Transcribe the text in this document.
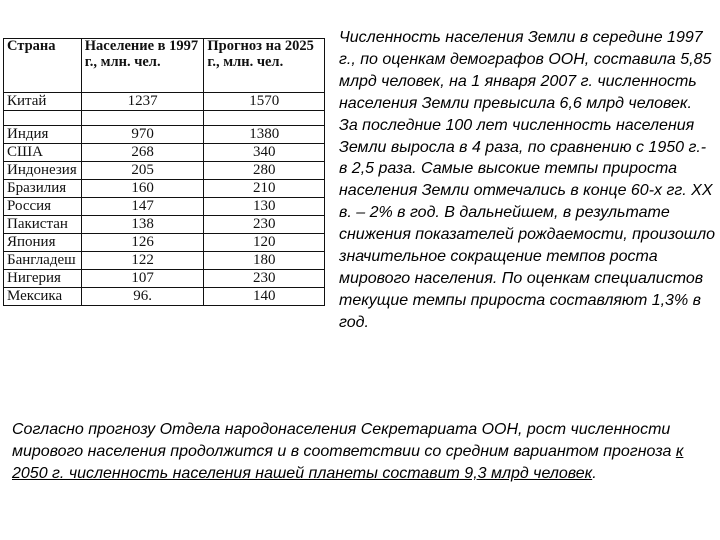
Страна	Население в 1997 г., млн. чел.	Прогноз на 2025 г., млн. чел.
Китай	1237	1570

Индия	970	1380
США	268	340
Индонезия	205	280
Бразилия	160	210
Россия	147	130
Пакистан	138	230
Япония	126	120
Бангладеш	122	180
Нигерия	107	230
Мексика	96.	140

Численность населения Земли в середине 1997 г., по оценкам демографов ООН, составила 5,85 млрд человек, на 1 января 2007 г. численность населения Земли превысила 6,6 млрд человек.

За последние 100 лет численность населения Земли выросла в 4 раза, по сравнению с 1950 г.- в 2,5 раза. Самые высокие темпы прироста населения Земли отмечались в конце 60-х гг. XX в. – 2% в год. В дальнейшем, в результате снижения показателей рождаемости, произошло значительное сокращение темпов роста мирового населения. По оценкам специалистов текущие темпы прироста составляют 1,3% в год.

Согласно прогнозу Отдела народонаселения Секретариата ООН, рост численности мирового населения продолжится и в соответствии со средним вариантом прогноза к 2050 г. численность населения нашей планеты составит 9,3 млрд человек.
